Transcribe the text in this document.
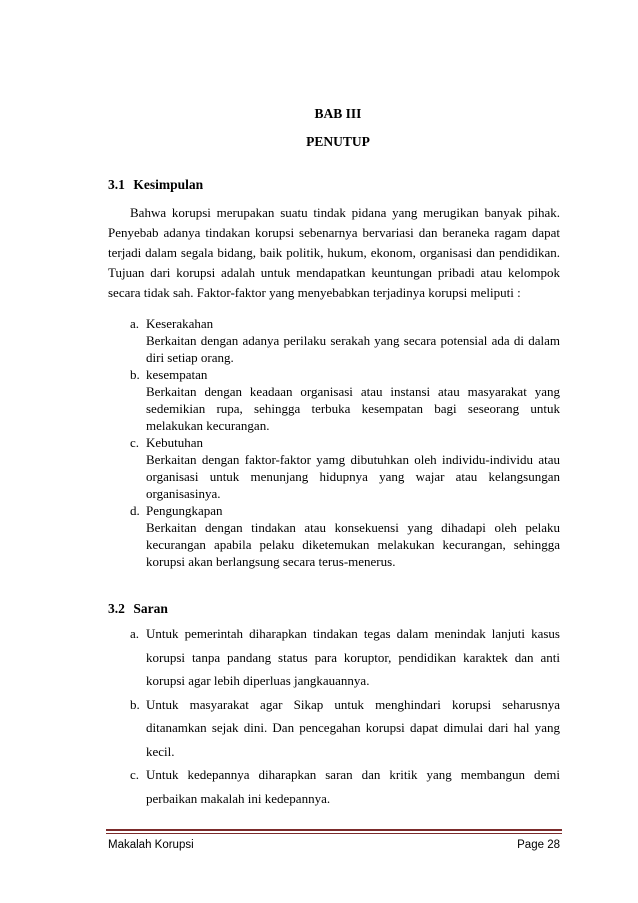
BAB III
PENUTUP
3.1 Kesimpulan
Bahwa korupsi merupakan suatu tindak pidana yang merugikan banyak pihak. Penyebab adanya tindakan korupsi sebenarnya bervariasi dan beraneka ragam dapat terjadi dalam segala bidang, baik politik, hukum, ekonom, organisasi dan pendidikan. Tujuan dari korupsi adalah untuk mendapatkan keuntungan pribadi atau kelompok secara tidak sah. Faktor-faktor yang menyebabkan terjadinya korupsi meliputi :
a. Keserakahan
Berkaitan dengan adanya perilaku serakah yang secara potensial ada di dalam diri setiap orang.
b. kesempatan
Berkaitan dengan keadaan organisasi atau instansi atau masyarakat yang sedemikian rupa, sehingga terbuka kesempatan bagi seseorang untuk melakukan kecurangan.
c. Kebutuhan
Berkaitan dengan faktor-faktor yamg dibutuhkan oleh individu-individu atau organisasi untuk menunjang hidupnya yang wajar atau kelangsungan organisasinya.
d. Pengungkapan
Berkaitan dengan tindakan atau konsekuensi yang dihadapi oleh pelaku kecurangan apabila pelaku diketemukan melakukan kecurangan, sehingga korupsi akan berlangsung secara terus-menerus.
3.2 Saran
a. Untuk pemerintah diharapkan tindakan tegas dalam menindak lanjuti kasus korupsi tanpa pandang status para koruptor, pendidikan karaktek dan anti korupsi agar lebih diperluas jangkauannya.
b. Untuk masyarakat agar Sikap untuk menghindari korupsi seharusnya ditanamkan sejak dini. Dan pencegahan korupsi dapat dimulai dari hal yang kecil.
c. Untuk kedepannya diharapkan saran dan kritik yang membangun demi perbaikan makalah ini kedepannya.
Makalah Korupsi	Page 28
